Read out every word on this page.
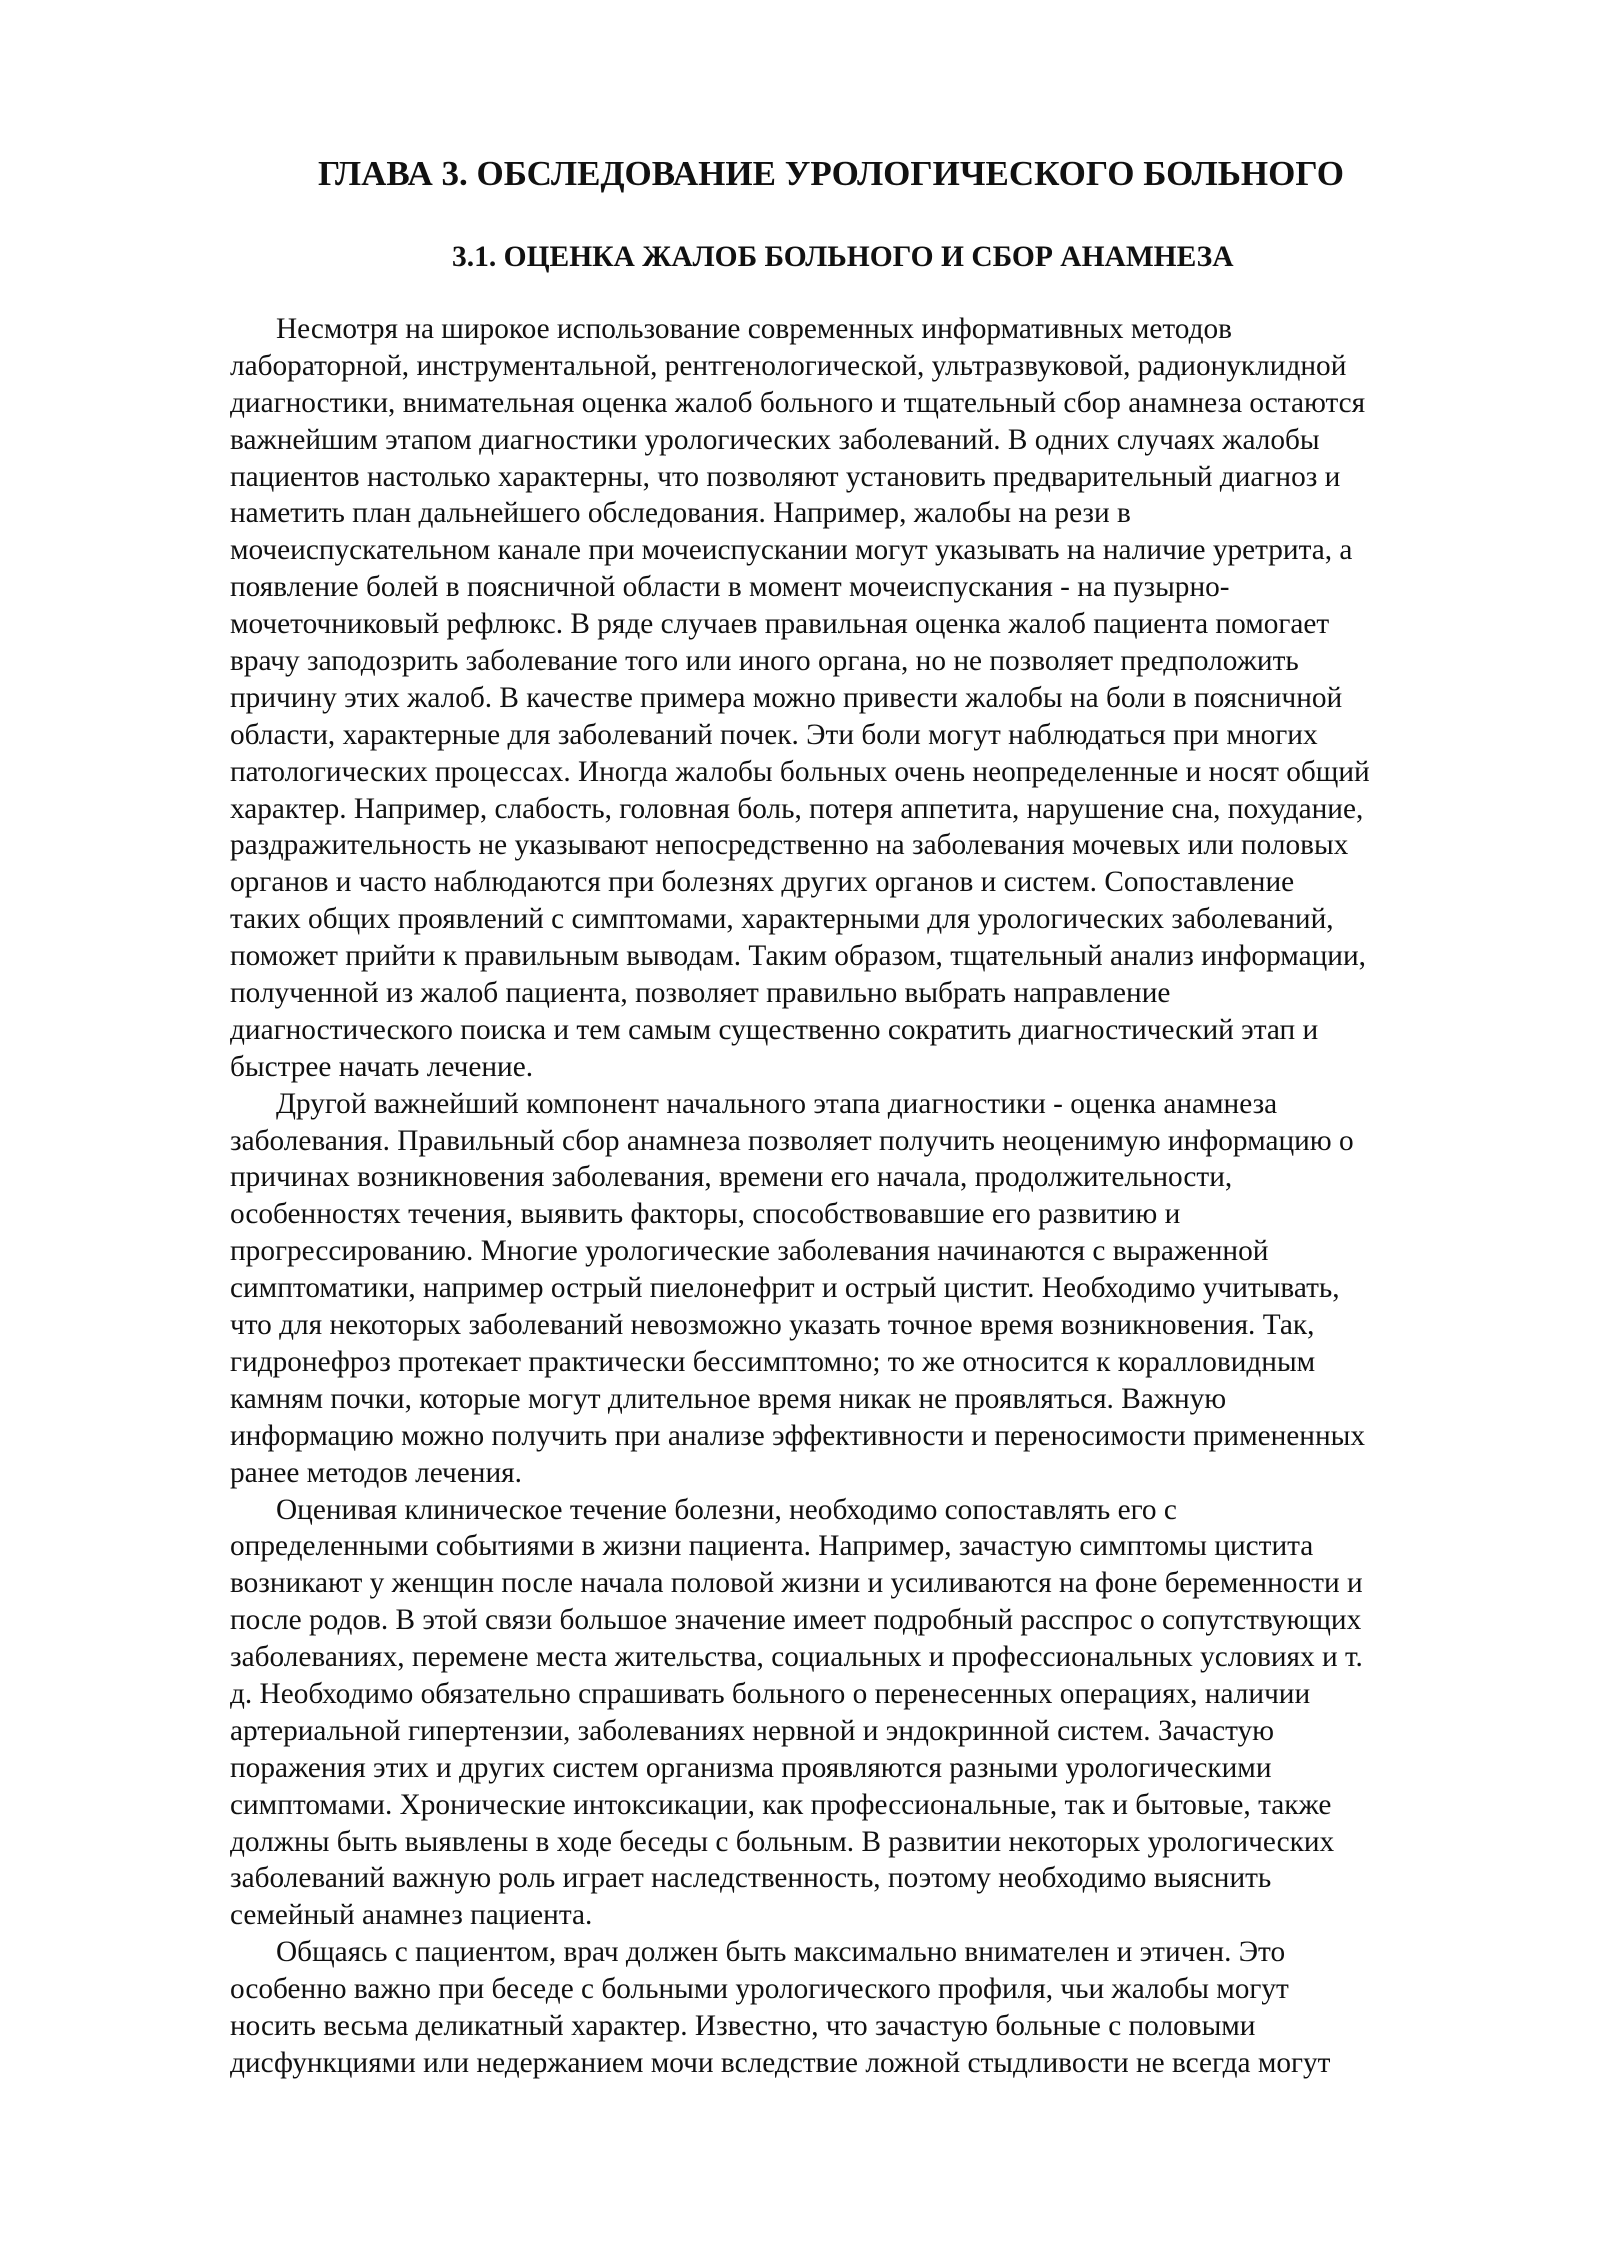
ГЛАВА 3. ОБСЛЕДОВАНИЕ УРОЛОГИЧЕСКОГО БОЛЬНОГО
3.1. ОЦЕНКА ЖАЛОБ БОЛЬНОГО И СБОР АНАМНЕЗА
Несмотря на широкое использование современных информативных методов
лабораторной, инструментальной, рентгенологической, ультразвуковой, радионуклидной
диагностики, внимательная оценка жалоб больного и тщательный сбор анамнеза остаются
важнейшим этапом диагностики урологических заболеваний. В одних случаях жалобы
пациентов настолько характерны, что позволяют установить предварительный диагноз и
наметить план дальнейшего обследования. Например, жалобы на рези в
мочеиспускательном канале при мочеиспускании могут указывать на наличие уретрита, а
появление болей в поясничной области в момент мочеиспускания - на пузырно-
мочеточниковый рефлюкс. В ряде случаев правильная оценка жалоб пациента помогает
врачу заподозрить заболевание того или иного органа, но не позволяет предположить
причину этих жалоб. В качестве примера можно привести жалобы на боли в поясничной
области, характерные для заболеваний почек. Эти боли могут наблюдаться при многих
патологических процессах. Иногда жалобы больных очень неопределенные и носят общий
характер. Например, слабость, головная боль, потеря аппетита, нарушение сна, похудание,
раздражительность не указывают непосредственно на заболевания мочевых или половых
органов и часто наблюдаются при болезнях других органов и систем. Сопоставление
таких общих проявлений с симптомами, характерными для урологических заболеваний,
поможет прийти к правильным выводам. Таким образом, тщательный анализ информации,
полученной из жалоб пациента, позволяет правильно выбрать направление
диагностического поиска и тем самым существенно сократить диагностический этап и
быстрее начать лечение.
Другой важнейший компонент начального этапа диагностики - оценка анамнеза
заболевания. Правильный сбор анамнеза позволяет получить неоценимую информацию о
причинах возникновения заболевания, времени его начала, продолжительности,
особенностях течения, выявить факторы, способствовавшие его развитию и
прогрессированию. Многие урологические заболевания начинаются с выраженной
симптоматики, например острый пиелонефрит и острый цистит. Необходимо учитывать,
что для некоторых заболеваний невозможно указать точное время возникновения. Так,
гидронефроз протекает практически бессимптомно; то же относится к коралловидным
камням почки, которые могут длительное время никак не проявляться. Важную
информацию можно получить при анализе эффективности и переносимости примененных
ранее методов лечения.
Оценивая клиническое течение болезни, необходимо сопоставлять его с
определенными событиями в жизни пациента. Например, зачастую симптомы цистита
возникают у женщин после начала половой жизни и усиливаются на фоне беременности и
после родов. В этой связи большое значение имеет подробный расспрос о сопутствующих
заболеваниях, перемене места жительства, социальных и профессиональных условиях и т.
д. Необходимо обязательно спрашивать больного о перенесенных операциях, наличии
артериальной гипертензии, заболеваниях нервной и эндокринной систем. Зачастую
поражения этих и других систем организма проявляются разными урологическими
симптомами. Хронические интоксикации, как профессиональные, так и бытовые, также
должны быть выявлены в ходе беседы с больным. В развитии некоторых урологических
заболеваний важную роль играет наследственность, поэтому необходимо выяснить
семейный анамнез пациента.
Общаясь с пациентом, врач должен быть максимально внимателен и этичен. Это
особенно важно при беседе с больными урологического профиля, чьи жалобы могут
носить весьма деликатный характер. Известно, что зачастую больные с половыми
дисфункциями или недержанием мочи вследствие ложной стыдливости не всегда могут
